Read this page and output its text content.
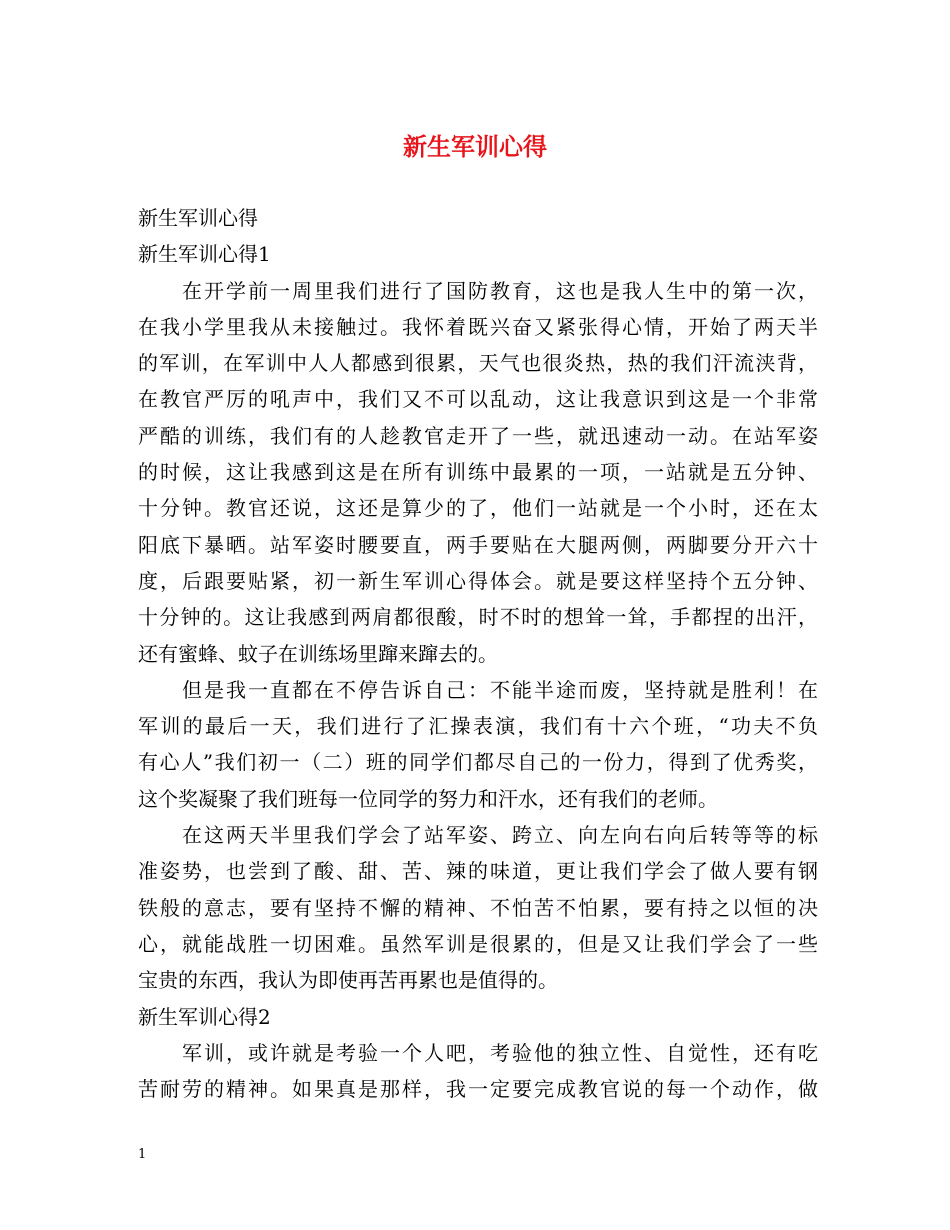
新生军训心得
新生军训心得
新生军训心得1
在开学前一周里我们进行了国防教育，这也是我人生中的第一次，
在我小学里我从未接触过。我怀着既兴奋又紧张得心情，开始了两天半
的军训，在军训中人人都感到很累，天气也很炎热，热的我们汗流浃背，
在教官严厉的吼声中，我们又不可以乱动，这让我意识到这是一个非常
严酷的训练，我们有的人趁教官走开了一些，就迅速动一动。在站军姿
的时候，这让我感到这是在所有训练中最累的一项，一站就是五分钟、
十分钟。教官还说，这还是算少的了，他们一站就是一个小时，还在太
阳底下暴晒。站军姿时腰要直，两手要贴在大腿两侧，两脚要分开六十
度，后跟要贴紧，初一新生军训心得体会。就是要这样坚持个五分钟、
十分钟的。这让我感到两肩都很酸，时不时的想耸一耸，手都捏的出汗，
还有蜜蜂、蚊子在训练场里蹿来蹿去的。
但是我一直都在不停告诉自己：不能半途而废，坚持就是胜利！在
军训的最后一天，我们进行了汇操表演，我们有十六个班，“功夫不负
有心人”我们初一（二）班的同学们都尽自己的一份力，得到了优秀奖，
这个奖凝聚了我们班每一位同学的努力和汗水，还有我们的老师。
在这两天半里我们学会了站军姿、跨立、向左向右向后转等等的标
准姿势，也尝到了酸、甜、苦、辣的味道，更让我们学会了做人要有钢
铁般的意志，要有坚持不懈的精神、不怕苦不怕累，要有持之以恒的决
心，就能战胜一切困难。虽然军训是很累的，但是又让我们学会了一些
宝贵的东西，我认为即使再苦再累也是值得的。
新生军训心得2
军训，或许就是考验一个人吧，考验他的独立性、自觉性，还有吃
苦耐劳的精神。如果真是那样，我一定要完成教官说的每一个动作，做
1
